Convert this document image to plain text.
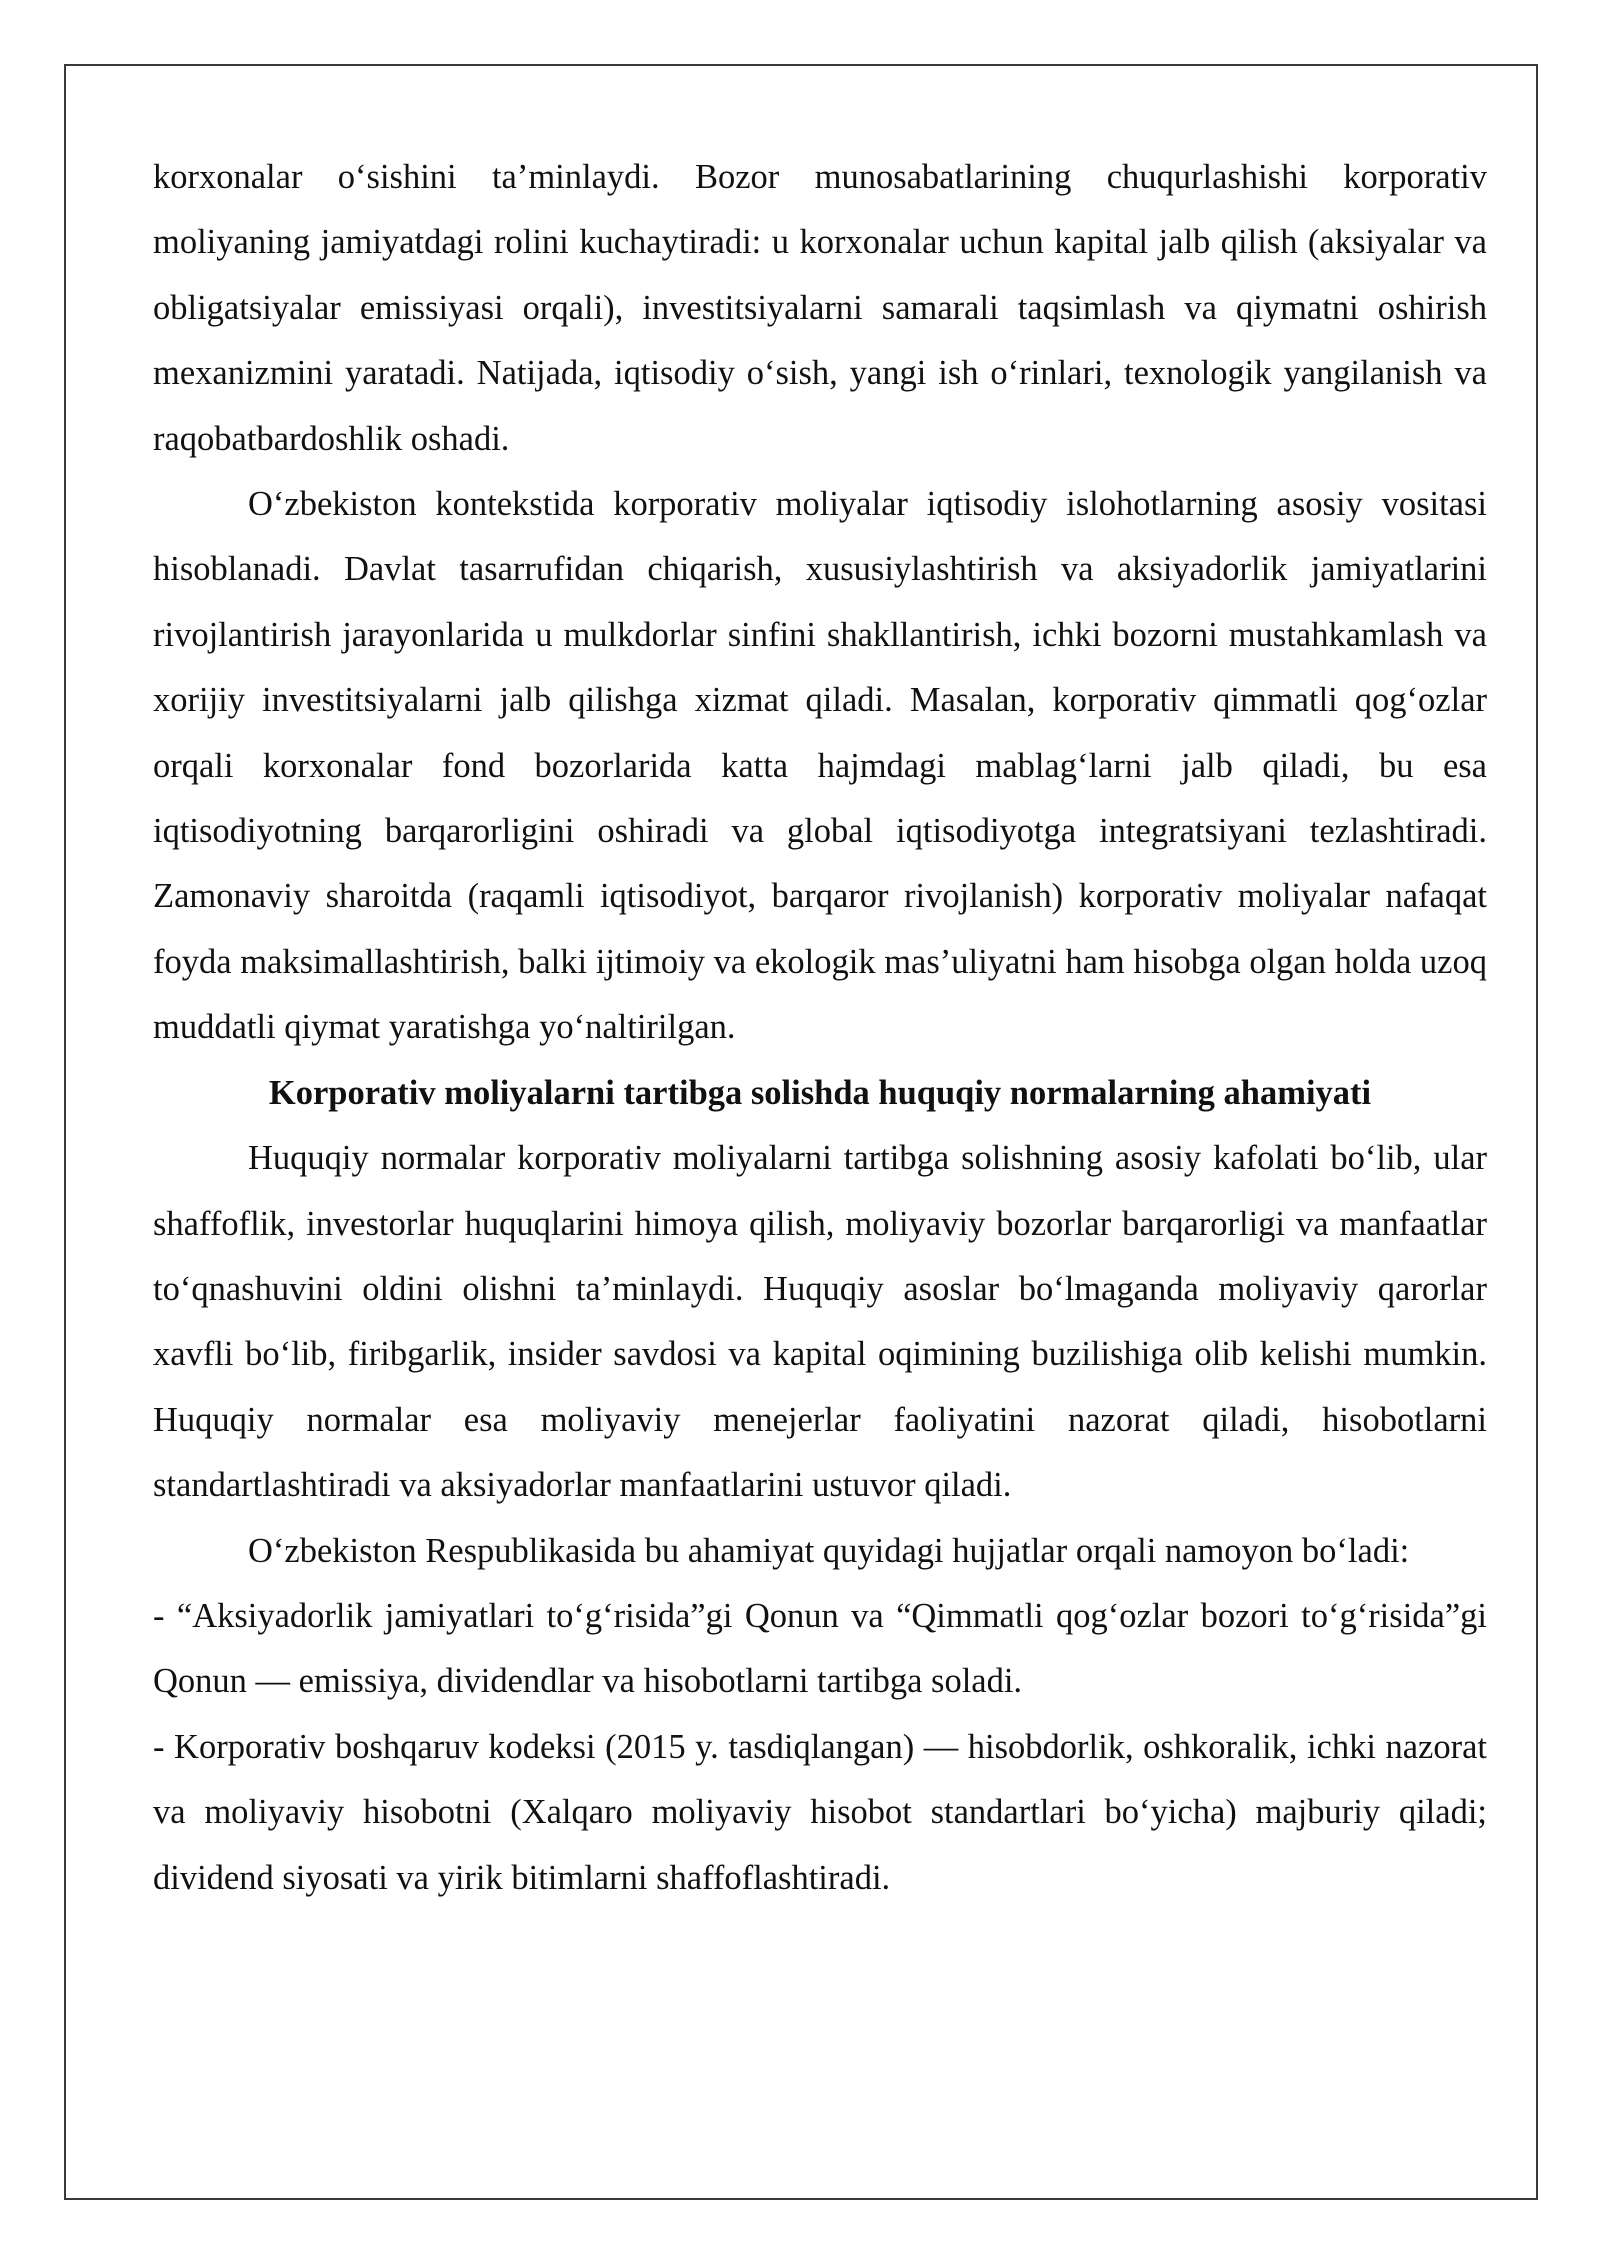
korxonalar o‘sishini ta’minlaydi. Bozor munosabatlarining chuqurlashishi korporativ moliyaning jamiyatdagi rolini kuchaytiradi: u korxonalar uchun kapital jalb qilish (aksiyalar va obligatsiyalar emissiyasi orqali), investitsiyalarni samarali taqsimlash va qiymatni oshirish mexanizmini yaratadi. Natijada, iqtisodiy o‘sish, yangi ish o‘rinlari, texnologik yangilanish va raqobatbardoshlik oshadi.

O‘zbekiston kontekstida korporativ moliyalar iqtisodiy islohotlarning asosiy vositasi hisoblanadi. Davlat tasarrufidan chiqarish, xususiylashtirish va aksiyadorlik jamiyatlarini rivojlantirish jarayonlarida u mulkdorlar sinfini shakllantirish, ichki bozorni mustahkamlash va xorijiy investitsiyalarni jalb qilishga xizmat qiladi. Masalan, korporativ qimmatli qog‘ozlar orqali korxonalar fond bozorlarida katta hajmdagi mablag‘larni jalb qiladi, bu esa iqtisodiyotning barqarorligini oshiradi va global iqtisodiyotga integratsiyani tezlashtiradi. Zamonaviy sharoitda (raqamli iqtisodiyot, barqaror rivojlanish) korporativ moliyalar nafaqat foyda maksimallashtirish, balki ijtimoiy va ekologik mas’uliyatni ham hisobga olgan holda uzoq muddatli qiymat yaratishga yo‘naltirilgan.

Korporativ moliyalarni tartibga solishda huquqiy normalarning ahamiyati

Huquqiy normalar korporativ moliyalarni tartibga solishning asosiy kafolati bo‘lib, ular shaffoflik, investorlar huquqlarini himoya qilish, moliyaviy bozorlar barqarorligi va manfaatlar to‘qnashuvini oldini olishni ta’minlaydi. Huquqiy asoslar bo‘lmaganda moliyaviy qarorlar xavfli bo‘lib, firibgarlik, insider savdosi va kapital oqimining buzilishiga olib kelishi mumkin. Huquqiy normalar esa moliyaviy menejerlar faoliyatini nazorat qiladi, hisobotlarni standartlashtiradi va aksiyadorlar manfaatlarini ustuvor qiladi.

O‘zbekiston Respublikasida bu ahamiyat quyidagi hujjatlar orqali namoyon bo‘ladi:

- “Aksiyadorlik jamiyatlari to‘g‘risida”gi Qonun va “Qimmatli qog‘ozlar bozori to‘g‘risida”gi Qonun — emissiya, dividendlar va hisobotlarni tartibga soladi.

- Korporativ boshqaruv kodeksi (2015 y. tasdiqlangan) — hisobdorlik, oshkoralik, ichki nazorat va moliyaviy hisobotni (Xalqaro moliyaviy hisobot standartlari bo‘yicha) majburiy qiladi; dividend siyosati va yirik bitimlarni shaffoflashtiradi.
